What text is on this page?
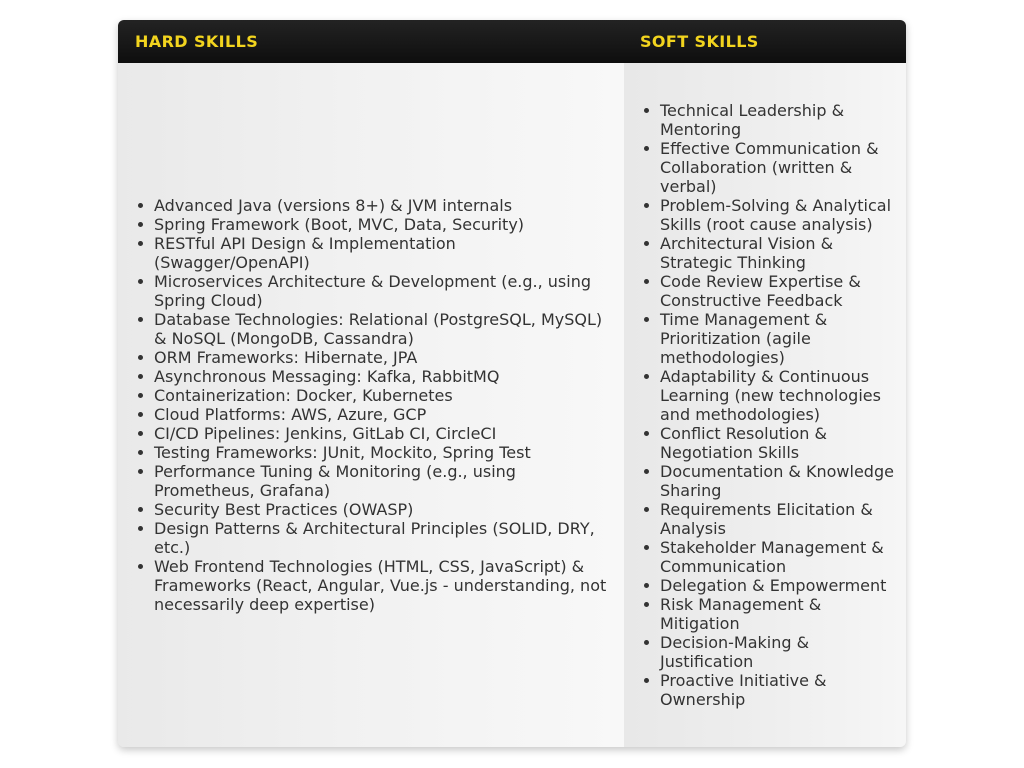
HARD SKILLS	SOFT SKILLS
Advanced Java (versions 8+) & JVM internals
Spring Framework (Boot, MVC, Data, Security)
RESTful API Design & Implementation (Swagger/OpenAPI)
Microservices Architecture & Development (e.g., using Spring Cloud)
Database Technologies: Relational (PostgreSQL, MySQL) & NoSQL (MongoDB, Cassandra)
ORM Frameworks: Hibernate, JPA
Asynchronous Messaging: Kafka, RabbitMQ
Containerization: Docker, Kubernetes
Cloud Platforms: AWS, Azure, GCP
CI/CD Pipelines: Jenkins, GitLab CI, CircleCI
Testing Frameworks: JUnit, Mockito, Spring Test
Performance Tuning & Monitoring (e.g., using Prometheus, Grafana)
Security Best Practices (OWASP)
Design Patterns & Architectural Principles (SOLID, DRY, etc.)
Web Frontend Technologies (HTML, CSS, JavaScript) & Frameworks (React, Angular, Vue.js - understanding, not necessarily deep expertise)
Technical Leadership & Mentoring
Effective Communication & Collaboration (written & verbal)
Problem-Solving & Analytical Skills (root cause analysis)
Architectural Vision & Strategic Thinking
Code Review Expertise & Constructive Feedback
Time Management & Prioritization (agile methodologies)
Adaptability & Continuous Learning (new technologies and methodologies)
Conflict Resolution & Negotiation Skills
Documentation & Knowledge Sharing
Requirements Elicitation & Analysis
Stakeholder Management & Communication
Delegation & Empowerment
Risk Management & Mitigation
Decision-Making & Justification
Proactive Initiative & Ownership
